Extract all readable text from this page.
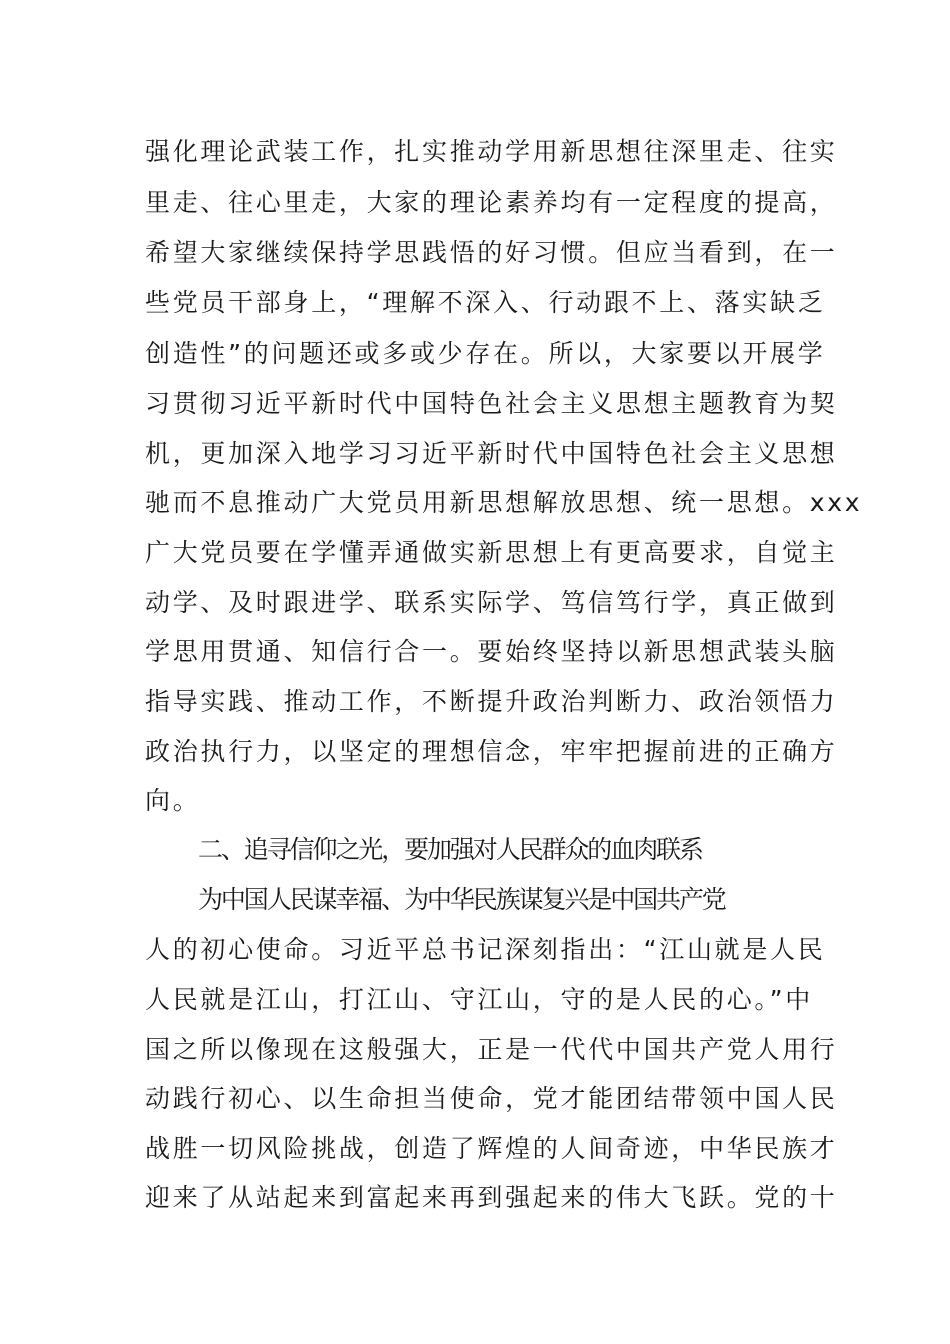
强化理论武装工作，扎实推动学用新思想往深里走、往实
里走、往心里走，大家的理论素养均有一定程度的提高，
希望大家继续保持学思践悟的好习惯。但应当看到，在一
些党员干部身上，“理解不深入、行动跟不上、落实缺乏
创造性”的问题还或多或少存在。所以，大家要以开展学
习贯彻习近平新时代中国特色社会主义思想主题教育为契
机，更加深入地学习习近平新时代中国特色社会主义思想
驰而不息推动广大党员用新思想解放思想、统一思想。xxx
广大党员要在学懂弄通做实新思想上有更高要求，自觉主
动学、及时跟进学、联系实际学、笃信笃行学，真正做到
学思用贯通、知信行合一。要始终坚持以新思想武装头脑
指导实践、推动工作，不断提升政治判断力、政治领悟力
政治执行力，以坚定的理想信念，牢牢把握前进的正确方
向。
二、追寻信仰之光，要加强对人民群众的血肉联系
为中国人民谋幸福、为中华民族谋复兴是中国共产党
人的初心使命。习近平总书记深刻指出：“江山就是人民
人民就是江山，打江山、守江山，守的是人民的心。”中
国之所以像现在这般强大，正是一代代中国共产党人用行
动践行初心、以生命担当使命，党才能团结带领中国人民
战胜一切风险挑战，创造了辉煌的人间奇迹，中华民族才
迎来了从站起来到富起来再到强起来的伟大飞跃。党的十
